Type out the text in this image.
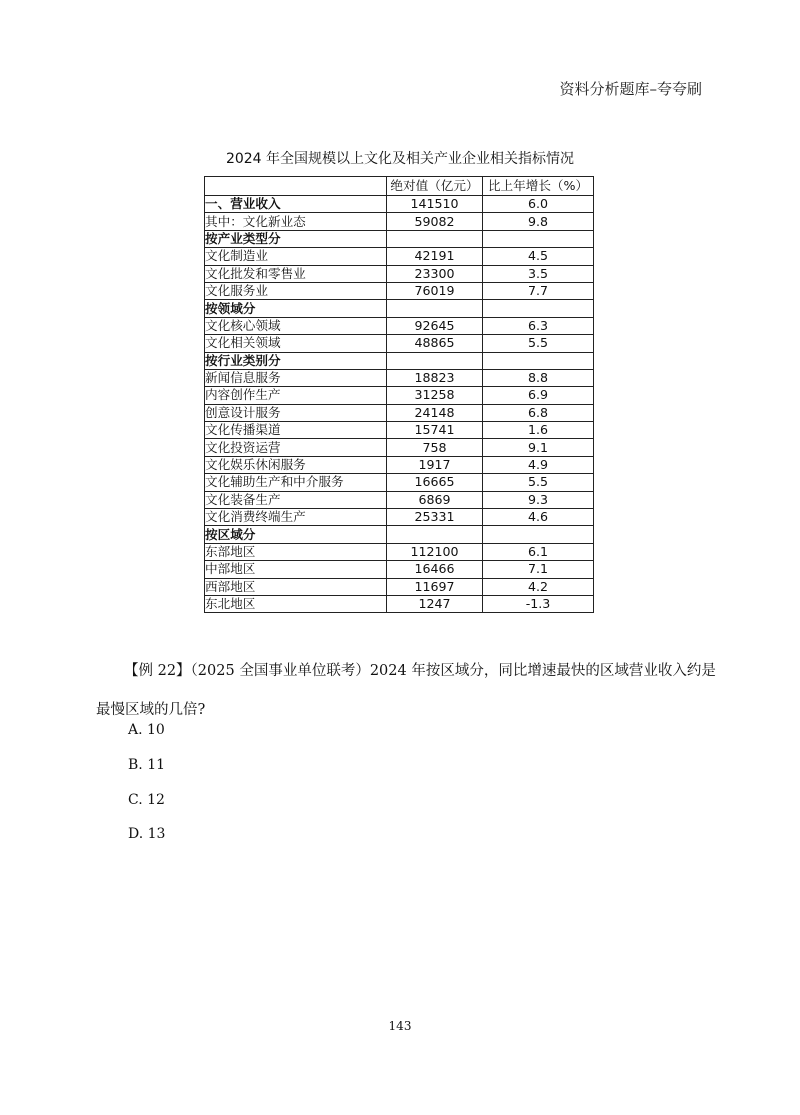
资料分析题库–夸夸刷
2024 年全国规模以上文化及相关产业企业相关指标情况
	绝对值（亿元）	比上年增长（%）
一、营业收入	141510	6.0
其中：文化新业态	59082	9.8
按产业类型分		
文化制造业	42191	4.5
文化批发和零售业	23300	3.5
文化服务业	76019	7.7
按领域分		
文化核心领域	92645	6.3
文化相关领域	48865	5.5
按行业类别分		
新闻信息服务	18823	8.8
内容创作生产	31258	6.9
创意设计服务	24148	6.8
文化传播渠道	15741	1.6
文化投资运营	758	9.1
文化娱乐休闲服务	1917	4.9
文化辅助生产和中介服务	16665	5.5
文化装备生产	6869	9.3
文化消费终端生产	25331	4.6
按区域分		
东部地区	112100	6.1
中部地区	16466	7.1
西部地区	11697	4.2
东北地区	1247	-1.3
【例 22】（2025 全国事业单位联考）2024 年按区域分，同比增速最快的区域营业收入约是最慢区域的几倍?
A. 10
B. 11
C. 12
D. 13
143
